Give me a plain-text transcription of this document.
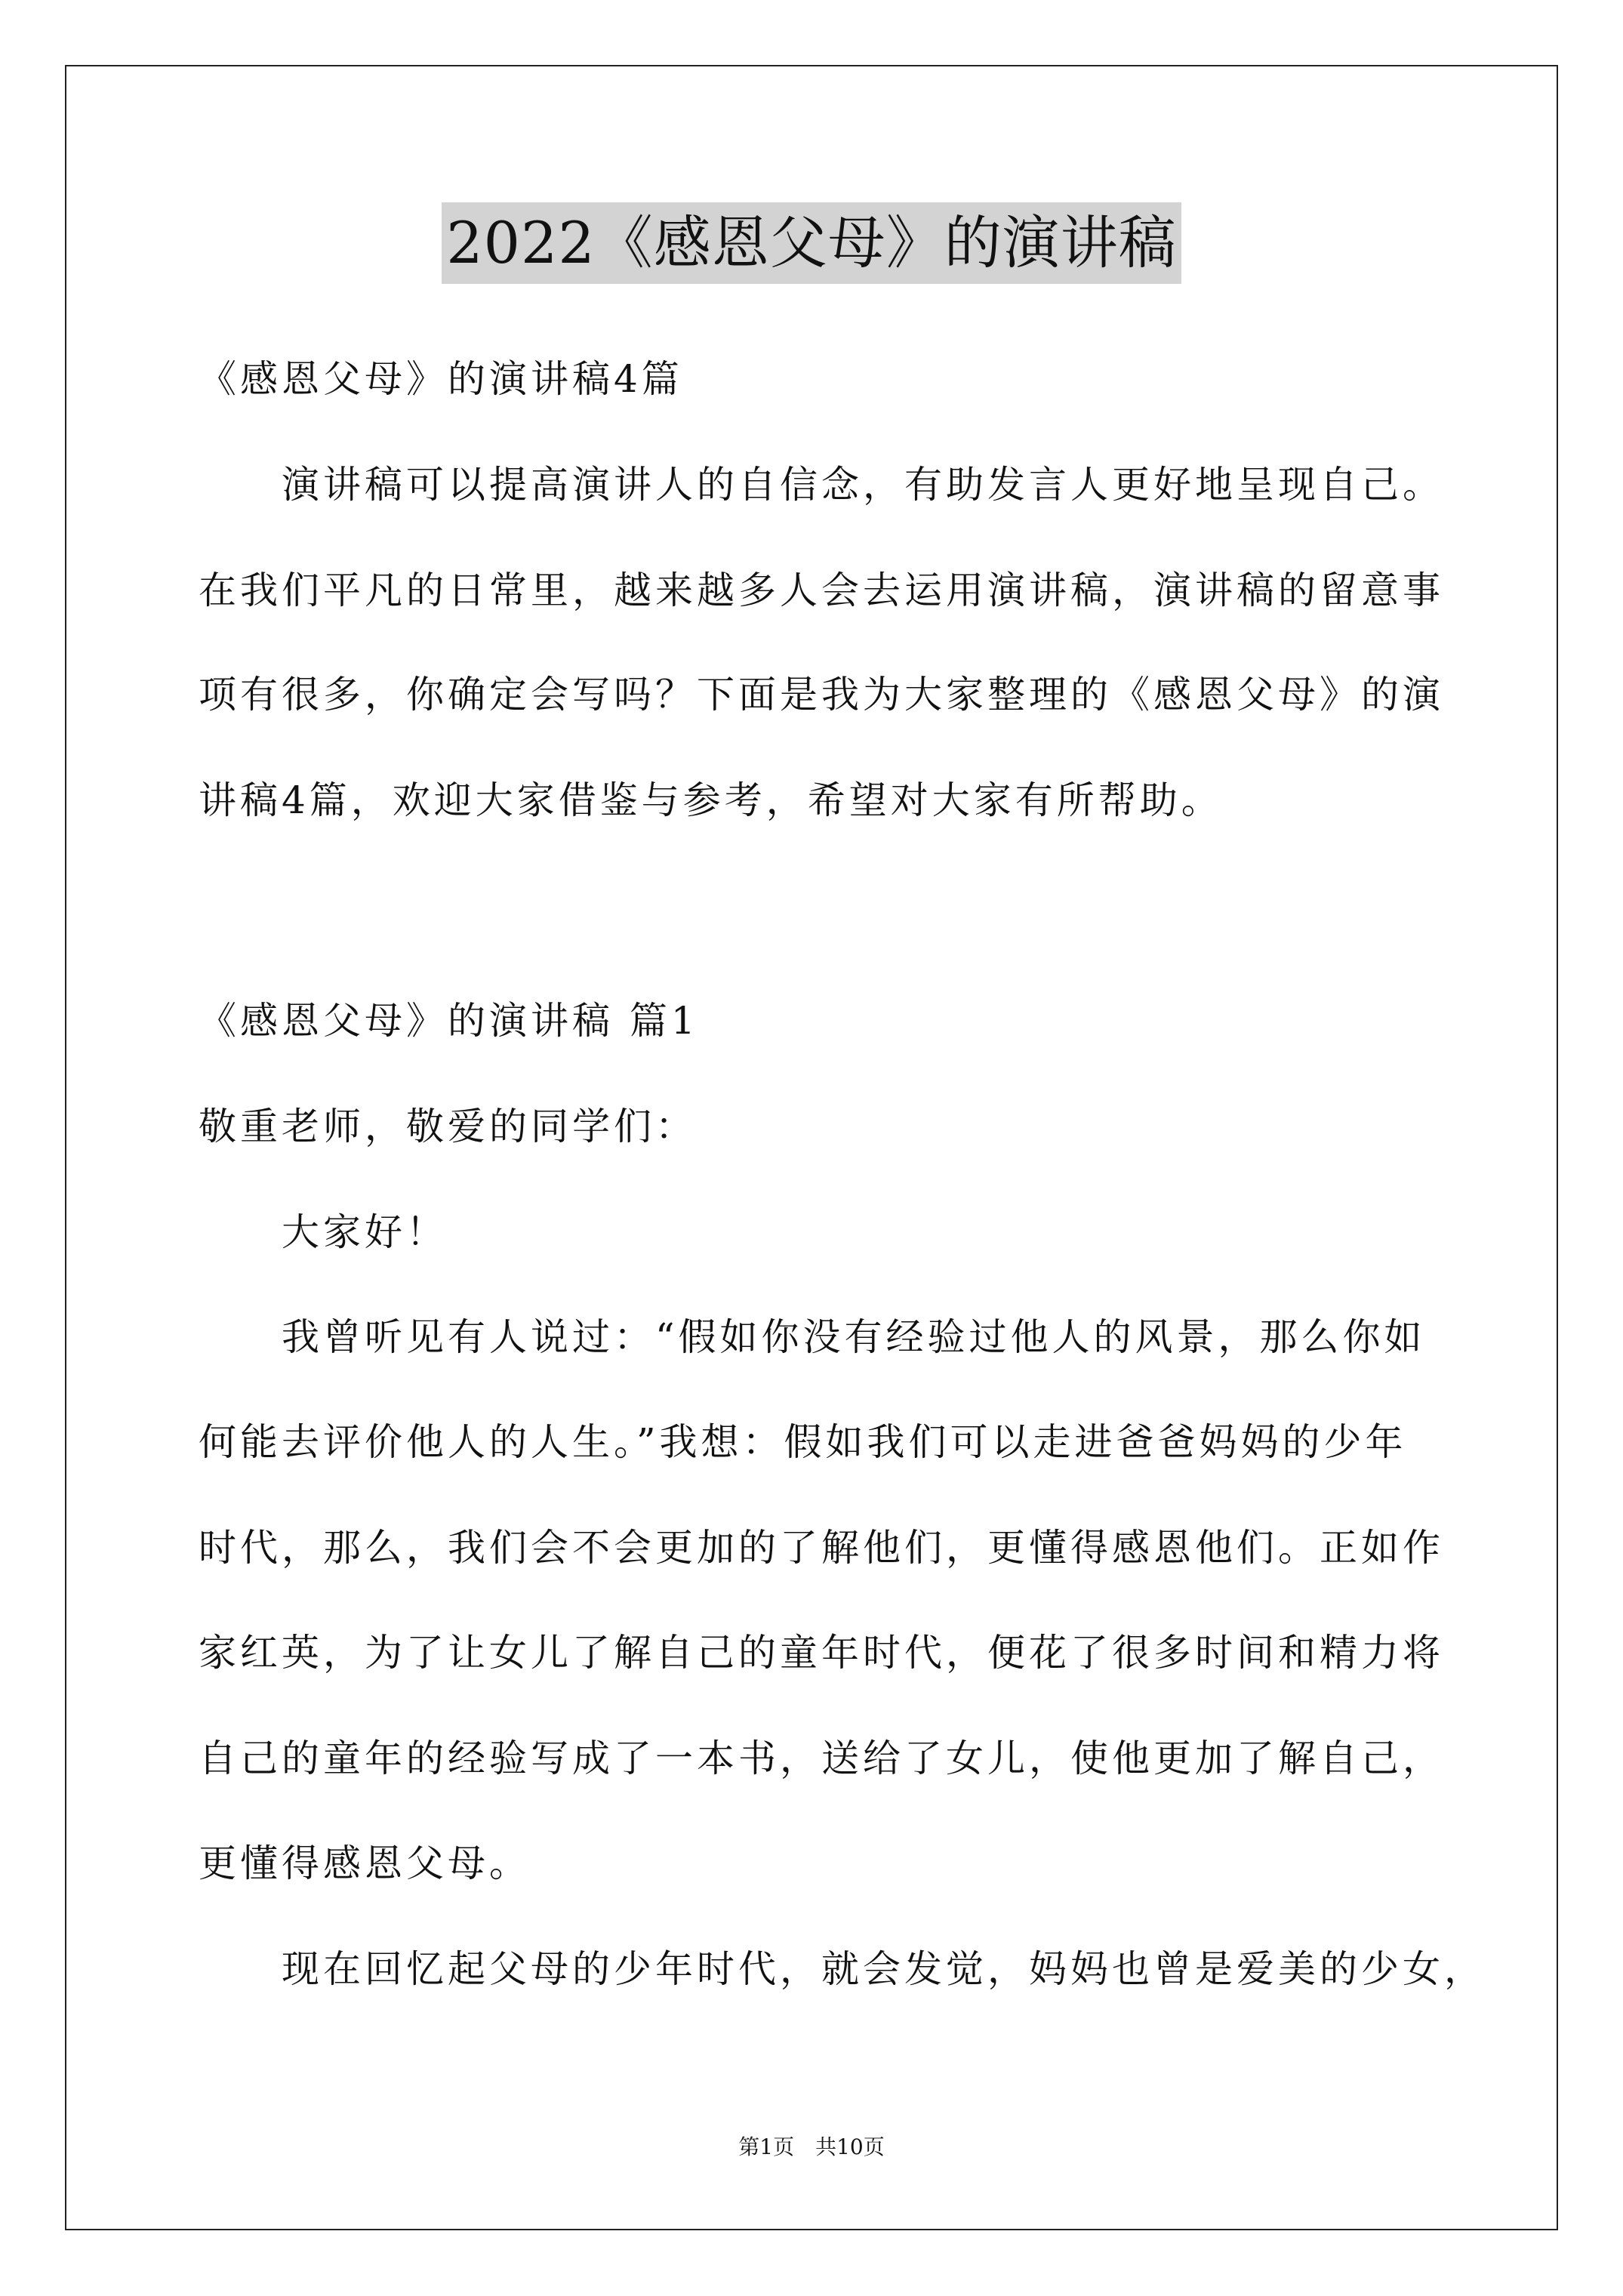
2022《感恩父母》的演讲稿
《感恩父母》的演讲稿4篇
演讲稿可以提高演讲人的自信念，有助发言人更好地呈现自己。
在我们平凡的日常里，越来越多人会去运用演讲稿，演讲稿的留意事
项有很多，你确定会写吗？下面是我为大家整理的《感恩父母》的演
讲稿4篇，欢迎大家借鉴与参考，希望对大家有所帮助。
《感恩父母》的演讲稿 篇1
敬重老师，敬爱的同学们：
大家好！
我曾听见有人说过：“假如你没有经验过他人的风景，那么你如
何能去评价他人的人生。”我想：假如我们可以走进爸爸妈妈的少年
时代，那么，我们会不会更加的了解他们，更懂得感恩他们。正如作
家红英，为了让女儿了解自己的童年时代，便花了很多时间和精力将
自己的童年的经验写成了一本书，送给了女儿，使他更加了解自己，
更懂得感恩父母。
现在回忆起父母的少年时代，就会发觉，妈妈也曾是爱美的少女，
第1页 共10页
